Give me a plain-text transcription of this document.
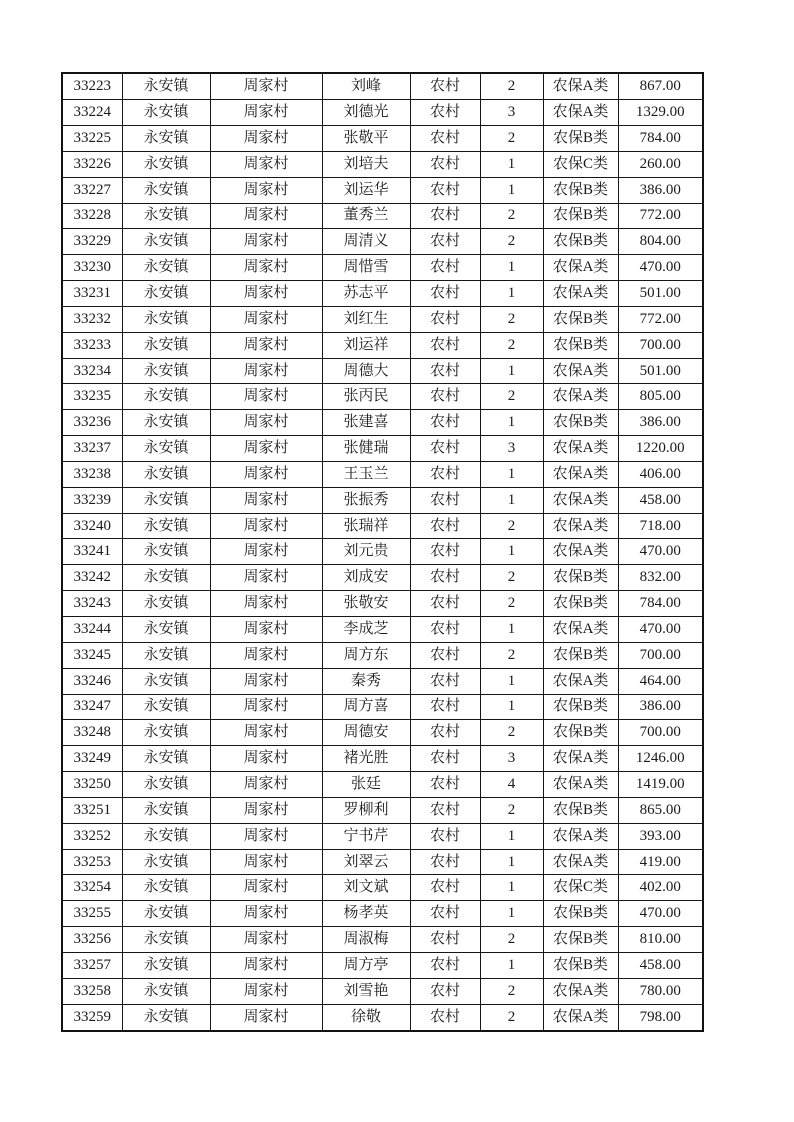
33223	永安镇	周家村	刘峰	农村	2	农保A类	867.00
33224	永安镇	周家村	刘德光	农村	3	农保A类	1329.00
33225	永安镇	周家村	张敬平	农村	2	农保B类	784.00
33226	永安镇	周家村	刘培夫	农村	1	农保C类	260.00
33227	永安镇	周家村	刘运华	农村	1	农保B类	386.00
33228	永安镇	周家村	董秀兰	农村	2	农保B类	772.00
33229	永安镇	周家村	周清义	农村	2	农保B类	804.00
33230	永安镇	周家村	周惜雪	农村	1	农保A类	470.00
33231	永安镇	周家村	苏志平	农村	1	农保A类	501.00
33232	永安镇	周家村	刘红生	农村	2	农保B类	772.00
33233	永安镇	周家村	刘运祥	农村	2	农保B类	700.00
33234	永安镇	周家村	周德大	农村	1	农保A类	501.00
33235	永安镇	周家村	张丙民	农村	2	农保A类	805.00
33236	永安镇	周家村	张建喜	农村	1	农保B类	386.00
33237	永安镇	周家村	张健瑞	农村	3	农保A类	1220.00
33238	永安镇	周家村	王玉兰	农村	1	农保A类	406.00
33239	永安镇	周家村	张振秀	农村	1	农保A类	458.00
33240	永安镇	周家村	张瑞祥	农村	2	农保A类	718.00
33241	永安镇	周家村	刘元贵	农村	1	农保A类	470.00
33242	永安镇	周家村	刘成安	农村	2	农保B类	832.00
33243	永安镇	周家村	张敬安	农村	2	农保B类	784.00
33244	永安镇	周家村	李成芝	农村	1	农保A类	470.00
33245	永安镇	周家村	周方东	农村	2	农保B类	700.00
33246	永安镇	周家村	秦秀	农村	1	农保A类	464.00
33247	永安镇	周家村	周方喜	农村	1	农保B类	386.00
33248	永安镇	周家村	周德安	农村	2	农保B类	700.00
33249	永安镇	周家村	褚光胜	农村	3	农保A类	1246.00
33250	永安镇	周家村	张廷	农村	4	农保A类	1419.00
33251	永安镇	周家村	罗柳利	农村	2	农保B类	865.00
33252	永安镇	周家村	宁书芹	农村	1	农保A类	393.00
33253	永安镇	周家村	刘翠云	农村	1	农保A类	419.00
33254	永安镇	周家村	刘文斌	农村	1	农保C类	402.00
33255	永安镇	周家村	杨孝英	农村	1	农保B类	470.00
33256	永安镇	周家村	周淑梅	农村	2	农保B类	810.00
33257	永安镇	周家村	周方亭	农村	1	农保B类	458.00
33258	永安镇	周家村	刘雪艳	农村	2	农保A类	780.00
33259	永安镇	周家村	徐敬	农村	2	农保A类	798.00
